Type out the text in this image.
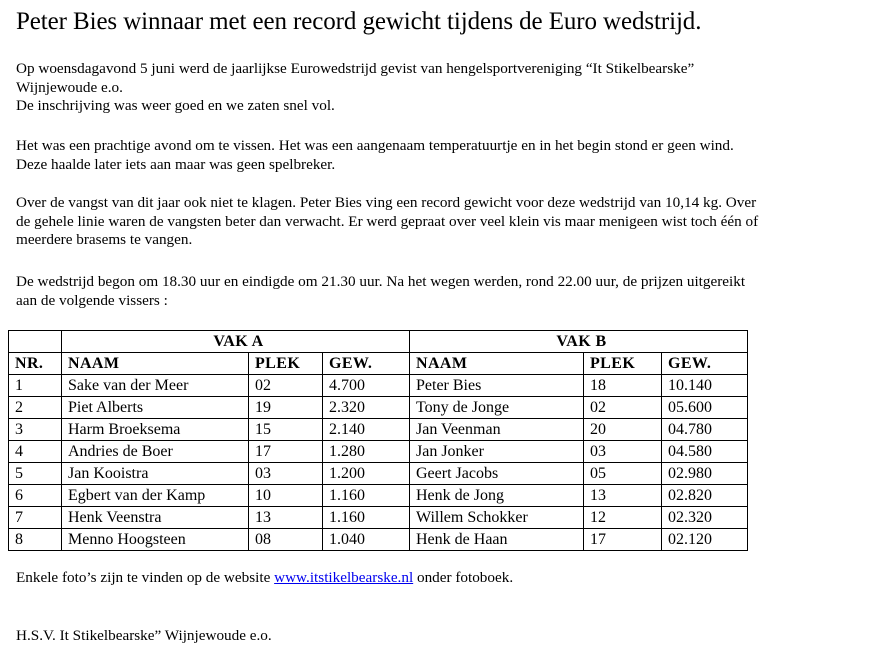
Peter Bies winnaar met een record gewicht tijdens de Euro wedstrijd.
Op woensdagavond 5 juni werd de jaarlijkse Eurowedstrijd gevist van hengelsportvereniging “It Stikelbearske”
Wijnjewoude e.o.
De inschrijving was weer goed en we zaten snel vol.
Het was een prachtige avond om te vissen. Het was een aangenaam temperatuurtje en in het begin stond er geen wind.
Deze haalde later iets aan maar was geen spelbreker.
Over de vangst van dit jaar ook niet te klagen. Peter Bies ving een record gewicht voor deze wedstrijd van 10,14 kg. Over
de gehele linie waren de vangsten beter dan verwacht. Er werd gepraat over veel klein vis maar menigeen wist toch één of
meerdere brasems te vangen.
De wedstrijd begon om 18.30 uur en eindigde om 21.30 uur. Na het wegen werden, rond 22.00 uur, de prijzen uitgereikt
aan de volgende vissers :
	VAK A			VAK B		
NR.	NAAM	PLEK	GEW.	NAAM	PLEK	GEW.
1	Sake van der Meer	02	4.700	Peter Bies	18	10.140
2	Piet Alberts	19	2.320	Tony de Jonge	02	05.600
3	Harm Broeksema	15	2.140	Jan Veenman	20	04.780
4	Andries de Boer	17	1.280	Jan Jonker	03	04.580
5	Jan Kooistra	03	1.200	Geert Jacobs	05	02.980
6	Egbert van der Kamp	10	1.160	Henk de Jong	13	02.820
7	Henk Veenstra	13	1.160	Willem Schokker	12	02.320
8	Menno Hoogsteen	08	1.040	Henk de Haan	17	02.120

Enkele foto’s zijn te vinden op de website www.itstikelbearske.nl onder fotoboek.

H.S.V. It Stikelbearske” Wijnjewoude e.o.
